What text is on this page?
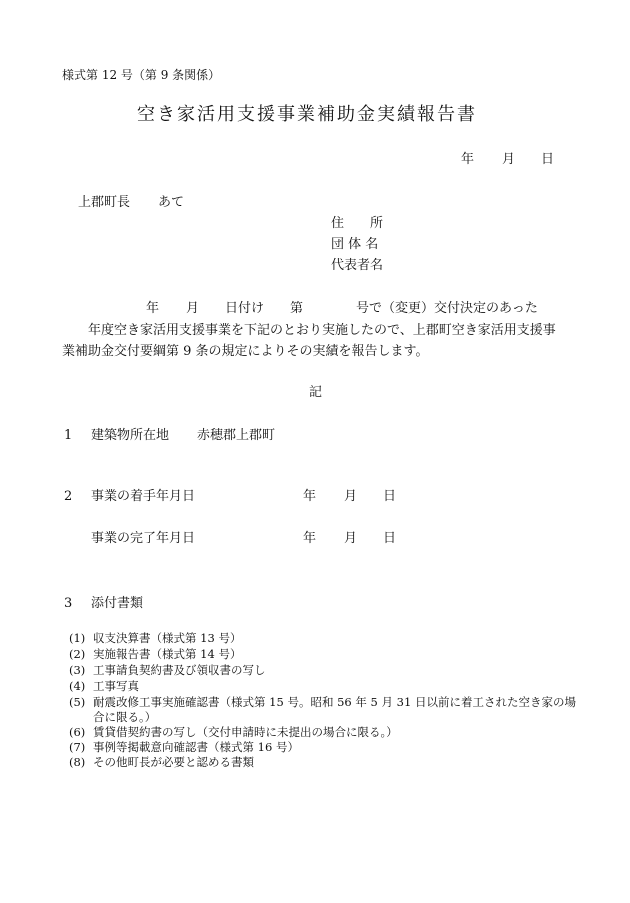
様式第 12 号（第 9 条関係）
空き家活用支援事業補助金実績報告書
年 月 日
上郡町長 あて
住　　所
団 体 名
代表者名
年 月 日付け 第	号で（変更）交付決定のあった
年度空き家活用支援事業を下記のとおり実施したので、上郡町空き家活用支援事
業補助金交付要綱第 9 条の規定によりその実績を報告します。
記
1 建築物所在地 赤穂郡上郡町
2 事業の着手年月日	年 月 日
事業の完了年月日	年 月 日
3 添付書類
(1) 収支決算書（様式第 13 号）
(2) 実施報告書（様式第 14 号）
(3) 工事請負契約書及び領収書の写し
(4) 工事写真
(5) 耐震改修工事実施確認書（様式第 15 号。昭和 56 年 5 月 31 日以前に着工された空き家の場
合に限る。）
(6) 賃貸借契約書の写し（交付申請時に未提出の場合に限る。）
(7) 事例等掲載意向確認書（様式第 16 号）
(8) その他町長が必要と認める書類
